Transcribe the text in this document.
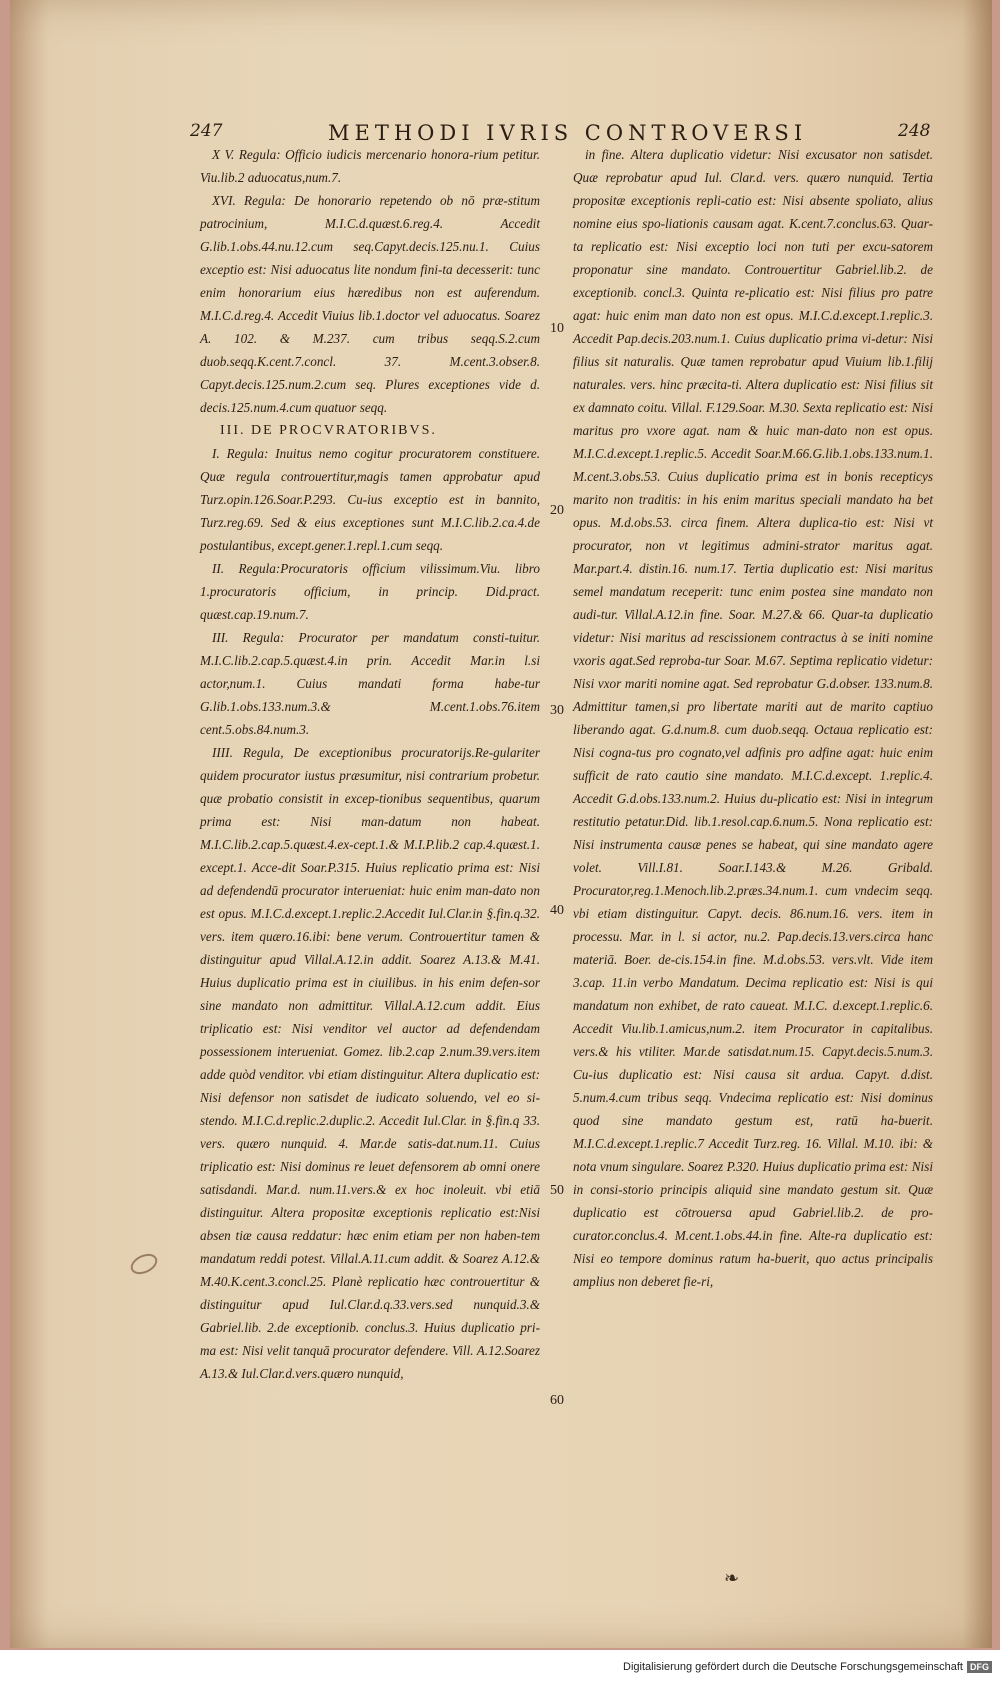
247	METHODI IVRIS CONTROVERSI	248

X V. Regula: Officio iudicis mercenario honora-rium petitur. Viu.lib.2 aduocatus,num.7.

XVI. Regula: De honorario repetendo ob nō præ-stitum patrocinium, M.I.C.d.quæst.6.reg.4. Accedit G.lib.1.obs.44.nu.12.cum seq.Capyt.decis.125.nu.1. Cuius exceptio est: Nisi aduocatus lite nondum fini-ta decesserit: tunc enim honorarium eius hæredibus non est auferendum. M.I.C.d.reg.4. Accedit Viuius lib.1.doctor vel aduocatus. Soarez A. 102. & M.237. cum tribus seqq.S.2.cum duob.seqq.K.cent.7.concl. 37. M.cent.3.obser.8. Capyt.decis.125.num.2.cum seq. Plures exceptiones vide d. decis.125.num.4.cum quatuor seqq.

III. DE PROCVRATORIBVS.

I. Regula: Inuitus nemo cogitur procuratorem constituere. Quæ regula controuertitur,magis tamen approbatur apud Turz.opin.126.Soar.P.293. Cu-ius exceptio est in bannito, Turz.reg.69. Sed & eius exceptiones sunt M.I.C.lib.2.ca.4.de postulantibus, except.gener.1.repl.1.cum seqq.

II. Regula:Procuratoris officium vilissimum.Viu. libro 1.procuratoris officium, in princip. Did.pract. quæst.cap.19.num.7.

III. Regula: Procurator per mandatum consti-tuitur. M.I.C.lib.2.cap.5.quæst.4.in prin. Accedit Mar.in l.si actor,num.1. Cuius mandati forma habe-tur G.lib.1.obs.133.num.3.& M.cent.1.obs.76.item cent.5.obs.84.num.3.

IIII. Regula, De exceptionibus procuratorijs.Re-gulariter quidem procurator iustus præsumitur, nisi contrarium probetur. quæ probatio consistit in excep-tionibus sequentibus, quarum prima est: Nisi man-datum non habeat. M.I.C.lib.2.cap.5.quæst.4.ex-cept.1.& M.I.P.lib.2 cap.4.quæst.1. except.1. Acce-dit Soar.P.315. Huius replicatio prima est: Nisi ad defendendū procurator interueniat: huic enim man-dato non est opus. M.I.C.d.except.1.replic.2.Accedit Iul.Clar.in §.fin.q.32. vers. item quæro.16.ibi: bene verum. Controuertitur tamen & distinguitur apud Villal.A.12.in addit. Soarez A.13.& M.41. Huius duplicatio prima est in ciuilibus. in his enim defen-sor sine mandato non admittitur. Villal.A.12.cum addit. Eius triplicatio est: Nisi venditor vel auctor ad defendendam possessionem interueniat. Gomez. lib.2.cap 2.num.39.vers.item adde quòd venditor. vbi etiam distinguitur. Altera duplicatio est: Nisi defensor non satisdet de iudicato soluendo, vel eo si-stendo. M.I.C.d.replic.2.duplic.2. Accedit Iul.Clar. in §.fin.q 33. vers. quæro nunquid. 4. Mar.de satis-dat.num.11. Cuius triplicatio est: Nisi dominus re leuet defensorem ab omni onere satisdandi. Mar.d. num.11.vers.& ex hoc inoleuit. vbi etiā distinguitur. Altera propositæ exceptionis replicatio est:Nisi absen tiæ causa reddatur: hæc enim etiam per non haben-tem mandatum reddi potest. Villal.A.11.cum addit. & Soarez A.12.& M.40.K.cent.3.concl.25. Planè replicatio hæc controuertitur & distinguitur apud Iul.Clar.d.q.33.vers.sed nunquid.3.& Gabriel.lib. 2.de exceptionib. conclus.3. Huius duplicatio pri-ma est: Nisi velit tanquā procurator defendere. Vill. A.12.Soarez A.13.& Iul.Clar.d.vers.quæro nunquid,

10
20
30
40
50
60

in fine. Altera duplicatio videtur: Nisi excusator non satisdet. Quæ reprobatur apud Iul. Clar.d. vers. quæro nunquid. Tertia propositæ exceptionis repli-catio est: Nisi absente spoliato, alius nomine eius spo-liationis causam agat. K.cent.7.conclus.63. Quar-ta replicatio est: Nisi exceptio loci non tuti per excu-satorem proponatur sine mandato. Controuertitur Gabriel.lib.2. de exceptionib. concl.3. Quinta re-plicatio est: Nisi filius pro patre agat: huic enim man dato non est opus. M.I.C.d.except.1.replic.3. Accedit Pap.decis.203.num.1. Cuius duplicatio prima vi-detur: Nisi filius sit naturalis. Quæ tamen reprobatur apud Viuium lib.1.filij naturales. vers. hinc præcita-ti. Altera duplicatio est: Nisi filius sit ex damnato coitu. Villal. F.129.Soar. M.30. Sexta replicatio est: Nisi maritus pro vxore agat. nam & huic man-dato non est opus. M.I.C.d.except.1.replic.5. Accedit Soar.M.66.G.lib.1.obs.133.num.1. M.cent.3.obs.53. Cuius duplicatio prima est in bonis recepticys marito non traditis: in his enim maritus speciali mandato ha bet opus. M.d.obs.53. circa finem. Altera duplica-tio est: Nisi vt procurator, non vt legitimus admini-strator maritus agat. Mar.part.4. distin.16. num.17. Tertia duplicatio est: Nisi maritus semel mandatum receperit: tunc enim postea sine mandato non audi-tur. Villal.A.12.in fine. Soar. M.27.& 66. Quar-ta duplicatio videtur: Nisi maritus ad rescissionem contractus à se initi nomine vxoris agat.Sed reproba-tur Soar. M.67. Septima replicatio videtur: Nisi vxor mariti nomine agat. Sed reprobatur G.d.obser. 133.num.8. Admittitur tamen,si pro libertate mariti aut de marito captiuo liberando agat. G.d.num.8. cum duob.seqq. Octaua replicatio est: Nisi cogna-tus pro cognato,vel adfinis pro adfine agat: huic enim sufficit de rato cautio sine mandato. M.I.C.d.except. 1.replic.4. Accedit G.d.obs.133.num.2. Huius du-plicatio est: Nisi in integrum restitutio petatur.Did. lib.1.resol.cap.6.num.5. Nona replicatio est: Nisi instrumenta causæ penes se habeat, qui sine mandato agere volet. Vill.I.81. Soar.I.143.& M.26. Gribald. Procurator,reg.1.Menoch.lib.2.præs.34.num.1. cum vndecim seqq. vbi etiam distinguitur. Capyt. decis. 86.num.16. vers. item in processu. Mar. in l. si actor, nu.2. Pap.decis.13.vers.circa hanc materiā. Boer. de-cis.154.in fine. M.d.obs.53. vers.vlt. Vide item 3.cap. 11.in verbo Mandatum. Decima replicatio est: Nisi is qui mandatum non exhibet, de rato caueat. M.I.C. d.except.1.replic.6. Accedit Viu.lib.1.amicus,num.2. item Procurator in capitalibus. vers.& his vtiliter. Mar.de satisdat.num.15. Capyt.decis.5.num.3. Cu-ius duplicatio est: Nisi causa sit ardua. Capyt. d.dist. 5.num.4.cum tribus seqq. Vndecima replicatio est: Nisi dominus quod sine mandato gestum est, ratū ha-buerit. M.I.C.d.except.1.replic.7 Accedit Turz.reg. 16. Villal. M.10. ibi: & nota vnum singulare. Soarez P.320. Huius duplicatio prima est: Nisi in consi-storio principis aliquid sine mandato gestum sit. Quæ duplicatio est cōtrouersa apud Gabriel.lib.2. de pro-curator.conclus.4. M.cent.1.obs.44.in fine. Alte-ra duplicatio est: Nisi eo tempore dominus ratum ha-buerit, quo actus principalis amplius non deberet fie-ri,

❧
Digitalisierung gefördert durch die Deutsche Forschungsgemeinschaft DFG
